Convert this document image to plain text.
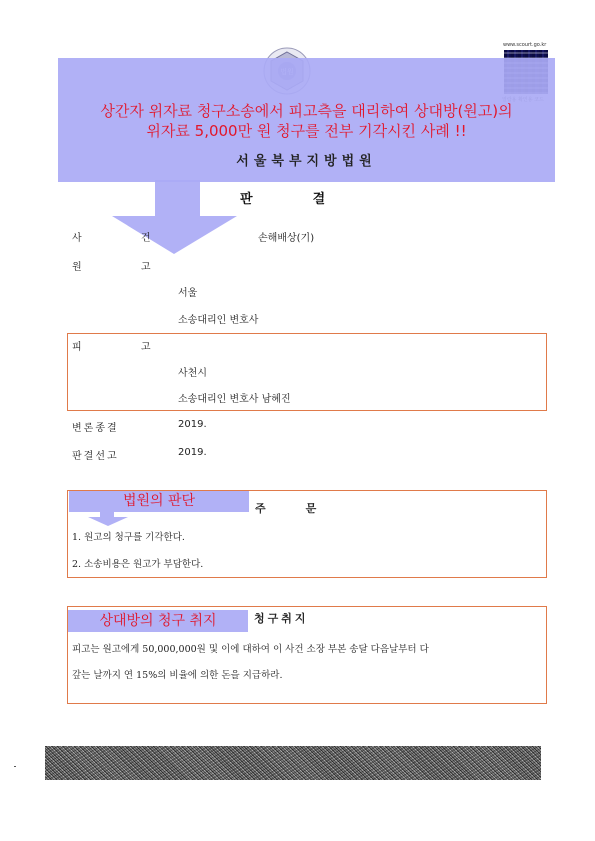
www.scourt.go.kr
상간자 위자료 청구소송에서 피고측을 대리하여 상대방(원고)의
위자료 5,000만 원 청구를 전부 기각시킨 사례 !!
서울북부지방법원
판	결
사 건	손해배상(기)
원 고
서울
소송대리인 변호사
피 고
사천시
소송대리인 변호사 남혜진
변론종결	2019.
판결선고	2019.
법원의 판단	주	문
1. 원고의 청구를 기각한다.
2. 소송비용은 원고가 부담한다.
상대방의 청구 취지	청구취지
피고는 원고에게 50,000,000원 및 이에 대하여 이 사건 소장 부본 송달 다음날부터 다
갚는 날까지 연 15%의 비율에 의한 돈을 지급하라.
